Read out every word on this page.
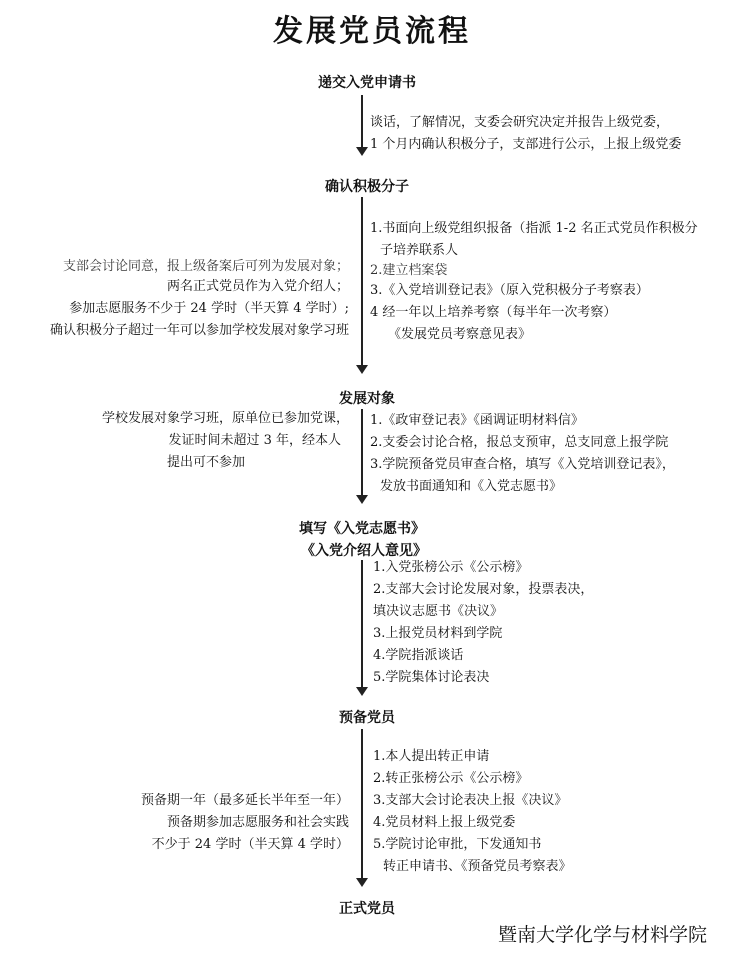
发展党员流程
递交入党申请书
确认积极分子
发展对象
填写《入党志愿书》
《入党介绍人意见》
预备党员
正式党员
谈话，了解情况，支委会研究决定并报告上级党委，
1 个月内确认积极分子，支部进行公示，上报上级党委
1.书面向上级党组织报备（指派 1-2 名正式党员作积极分
子培养联系人
2.建立档案袋
3.《入党培训登记表》（原入党积极分子考察表）
4 经一年以上培养考察（每半年一次考察）
《发展党员考察意见表》
1.《政审登记表》《函调证明材料信》
2.支委会讨论合格，报总支预审，总支同意上报学院
3.学院预备党员审查合格，填写《入党培训登记表》，
发放书面通知和《入党志愿书》
1.入党张榜公示《公示榜》
2.支部大会讨论发展对象，投票表决，
填决议志愿书《决议》
3.上报党员材料到学院
4.学院指派谈话
5.学院集体讨论表决
1.本人提出转正申请
2.转正张榜公示《公示榜》
3.支部大会讨论表决上报《决议》
4.党员材料上报上级党委
5.学院讨论审批，下发通知书
转正申请书、《预备党员考察表》
支部会讨论同意，报上级备案后可列为发展对象；
两名正式党员作为入党介绍人；
参加志愿服务不少于 24 学时（半天算 4 学时）;
确认积极分子超过一年可以参加学校发展对象学习班
学校发展对象学习班，原单位已参加党课，
发证时间未超过 3 年，经本人
提出可不参加
预备期一年（最多延长半年至一年）
预备期参加志愿服务和社会实践
不少于 24 学时（半天算 4 学时）
暨南大学化学与材料学院
